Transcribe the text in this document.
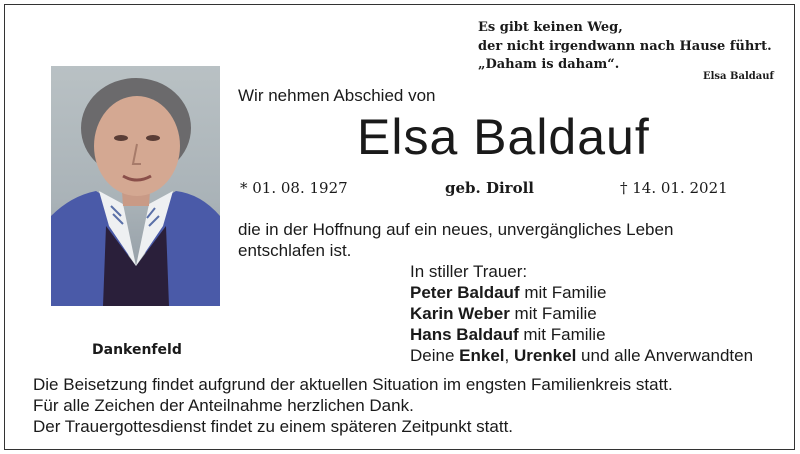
Es gibt keinen Weg,
der nicht irgendwann nach Hause führt.
„Daham is daham“.
Elsa Baldauf
Wir nehmen Abschied von
Elsa Baldauf
* 01. 08. 1927	geb. Diroll	† 14. 01. 2021
die in der Hoffnung auf ein neues, unvergängliches Leben
entschlafen ist.
In stiller Trauer:
Peter Baldauf mit Familie
Karin Weber mit Familie
Hans Baldauf mit Familie
Deine Enkel, Urenkel und alle Anverwandten
Dankenfeld
Die Beisetzung findet aufgrund der aktuellen Situation im engsten Familienkreis statt.
Für alle Zeichen der Anteilnahme herzlichen Dank.
Der Trauergottesdienst findet zu einem späteren Zeitpunkt statt.
